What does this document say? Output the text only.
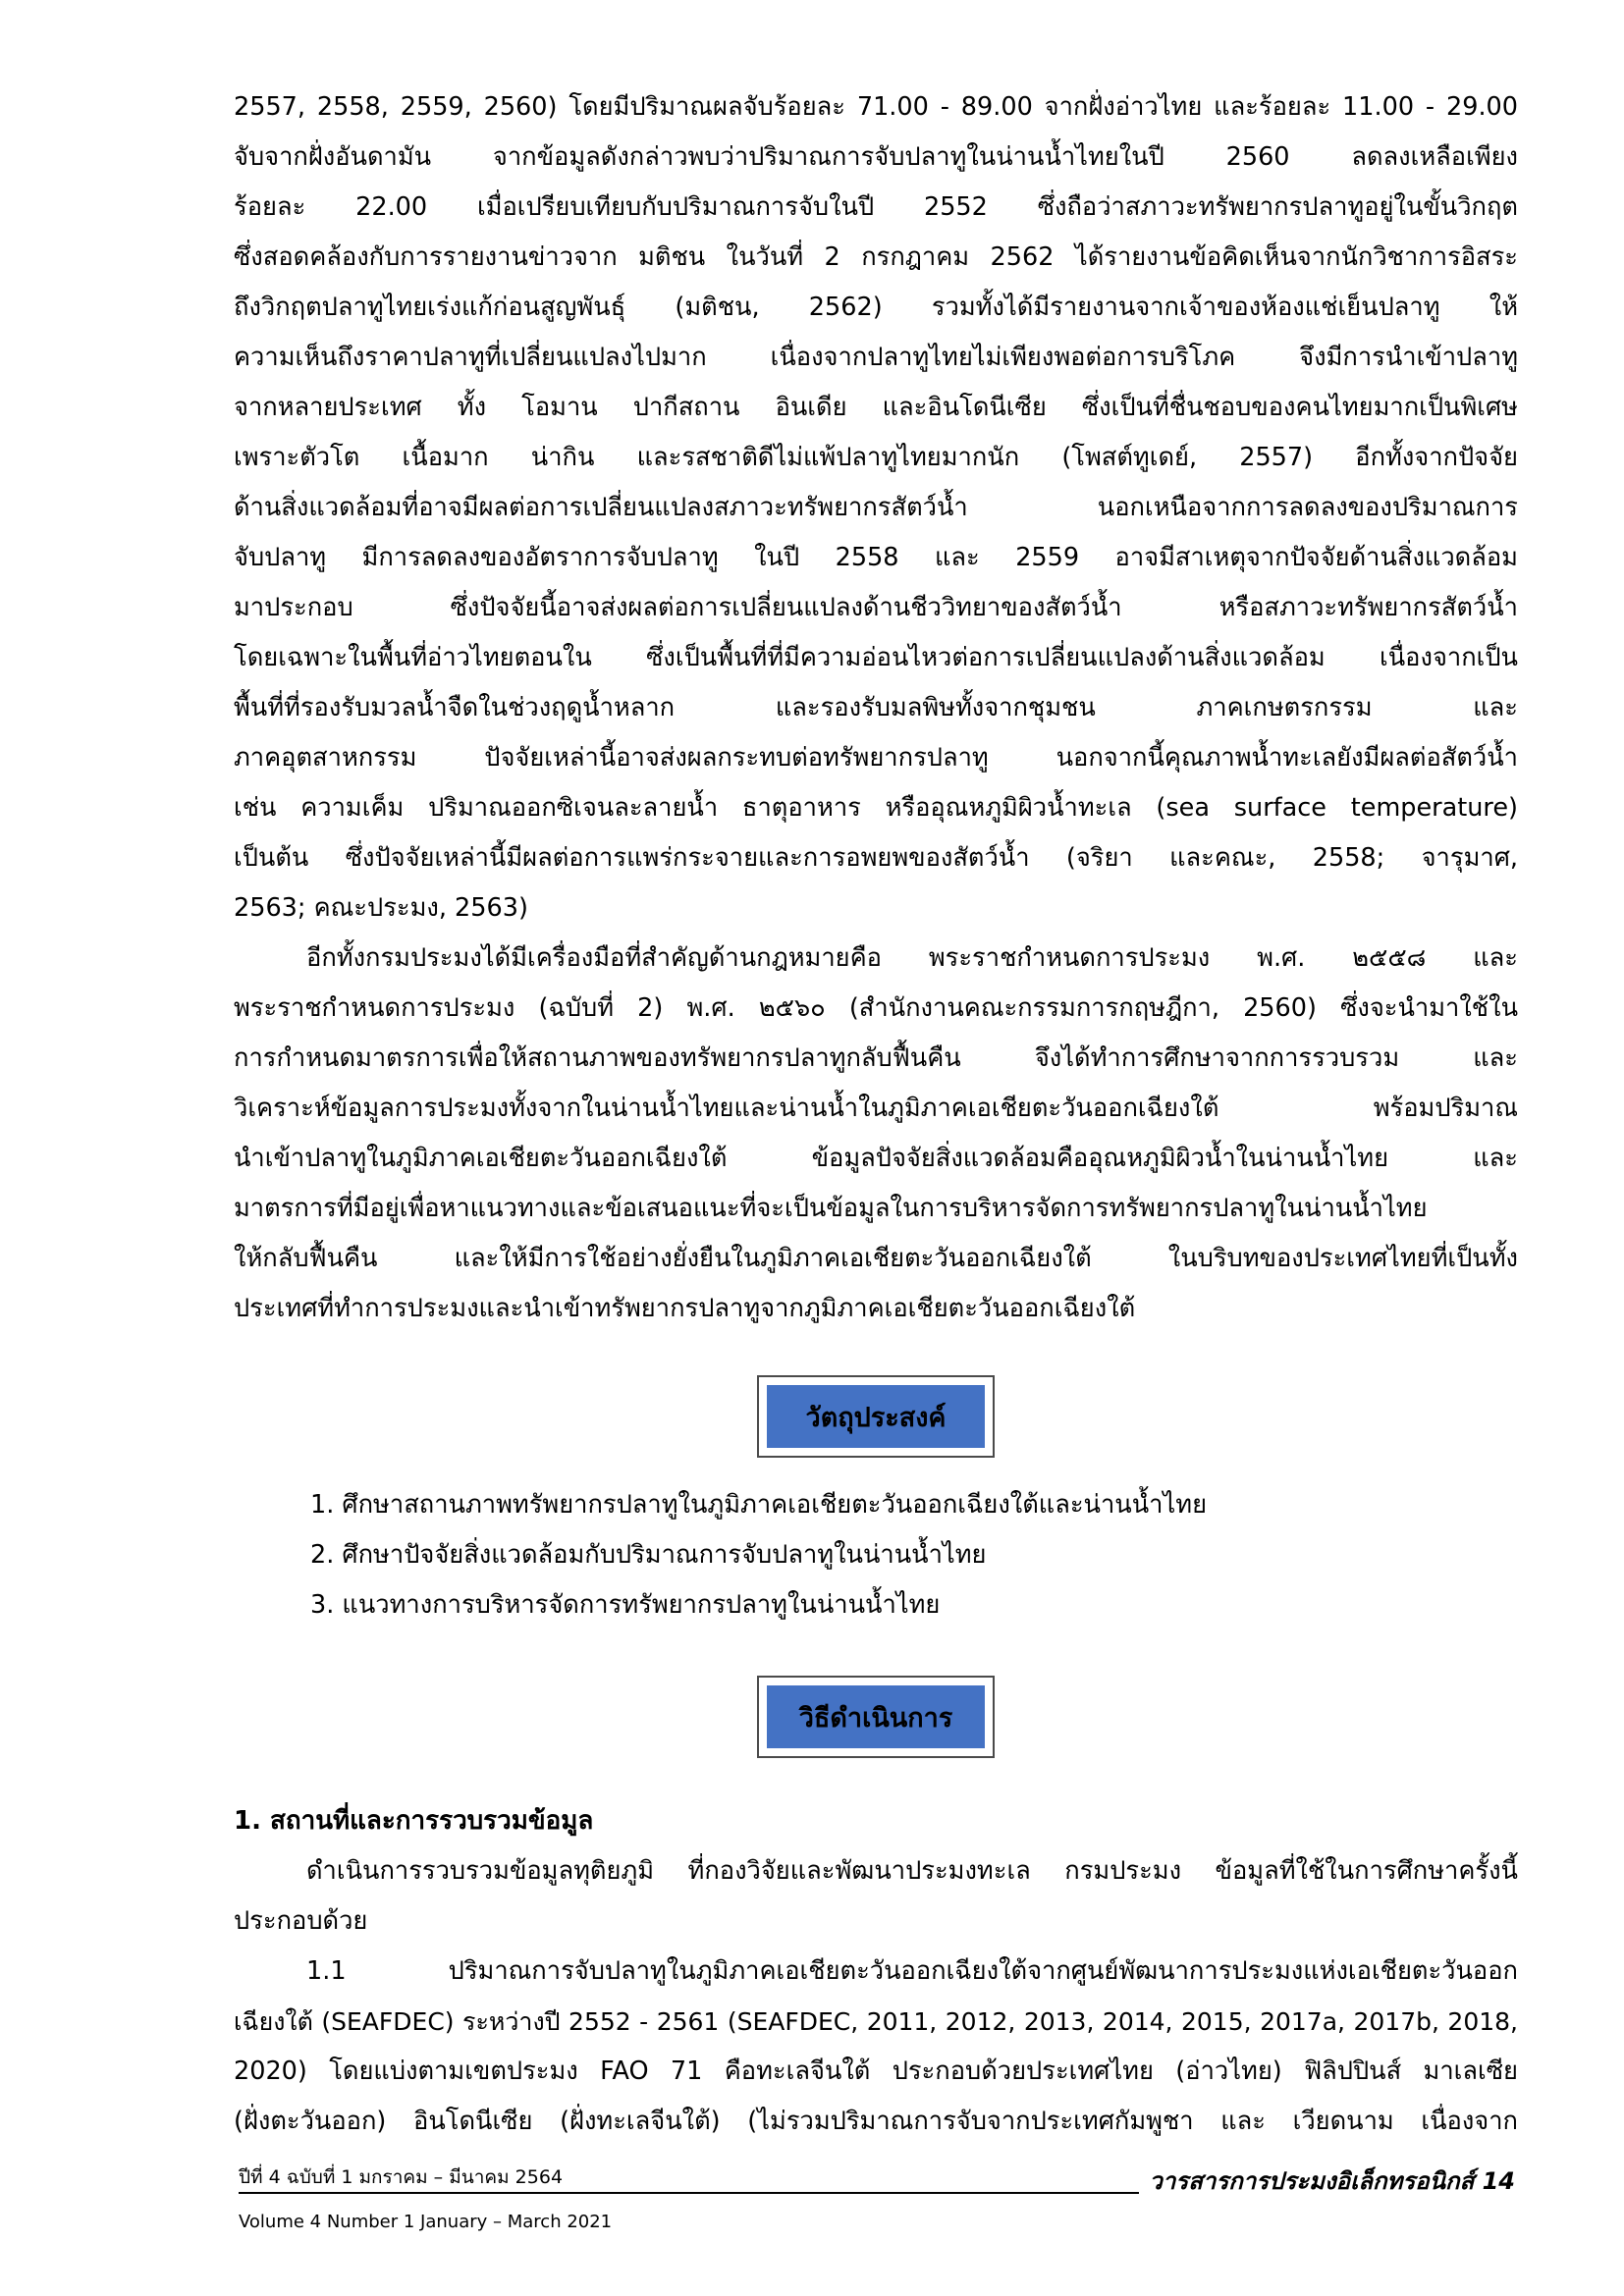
2557, 2558, 2559, 2560) โดยมีปริมาณผลจับร้อยละ 71.00 - 89.00 จากฝั่งอ่าวไทย และร้อยละ 11.00 - 29.00
จับจากฝั่งอันดามัน จากข้อมูลดังกล่าวพบว่าปริมาณการจับปลาทูในน่านน้ำไทยในปี 2560 ลดลงเหลือเพียง
ร้อยละ 22.00 เมื่อเปรียบเทียบกับปริมาณการจับในปี 2552 ซึ่งถือว่าสภาวะทรัพยากรปลาทูอยู่ในขั้นวิกฤต
ซึ่งสอดคล้องกับการรายงานข่าวจาก มติชน ในวันที่ 2 กรกฎาคม 2562 ได้รายงานข้อคิดเห็นจากนักวิชาการอิสระ
ถึงวิกฤตปลาทูไทยเร่งแก้ก่อนสูญพันธุ์ (มติชน, 2562) รวมทั้งได้มีรายงานจากเจ้าของห้องแช่เย็นปลาทู ให้
ความเห็นถึงราคาปลาทูที่เปลี่ยนแปลงไปมาก เนื่องจากปลาทูไทยไม่เพียงพอต่อการบริโภค จึงมีการนำเข้าปลาทู
จากหลายประเทศ ทั้ง โอมาน ปากีสถาน อินเดีย และอินโดนีเซีย ซึ่งเป็นที่ชื่นชอบของคนไทยมากเป็นพิเศษ
เพราะตัวโต เนื้อมาก น่ากิน และรสชาติดีไม่แพ้ปลาทูไทยมากนัก (โพสต์ทูเดย์, 2557) อีกทั้งจากปัจจัย
ด้านสิ่งแวดล้อมที่อาจมีผลต่อการเปลี่ยนแปลงสภาวะทรัพยากรสัตว์น้ำ นอกเหนือจากการลดลงของปริมาณการ
จับปลาทู มีการลดลงของอัตราการจับปลาทู ในปี 2558 และ 2559 อาจมีสาเหตุจากปัจจัยด้านสิ่งแวดล้อม
มาประกอบ ซึ่งปัจจัยนี้อาจส่งผลต่อการเปลี่ยนแปลงด้านชีววิทยาของสัตว์น้ำ หรือสภาวะทรัพยากรสัตว์น้ำ
โดยเฉพาะในพื้นที่อ่าวไทยตอนใน ซึ่งเป็นพื้นที่ที่มีความอ่อนไหวต่อการเปลี่ยนแปลงด้านสิ่งแวดล้อม เนื่องจากเป็น
พื้นที่ที่รองรับมวลน้ำจืดในช่วงฤดูน้ำหลาก และรองรับมลพิษทั้งจากชุมชน ภาคเกษตรกรรม และ
ภาคอุตสาหกรรม ปัจจัยเหล่านี้อาจส่งผลกระทบต่อทรัพยากรปลาทู นอกจากนี้คุณภาพน้ำทะเลยังมีผลต่อสัตว์น้ำ
เช่น ความเค็ม ปริมาณออกซิเจนละลายน้ำ ธาตุอาหาร หรืออุณหภูมิผิวน้ำทะเล (sea surface temperature)
เป็นต้น ซึ่งปัจจัยเหล่านี้มีผลต่อการแพร่กระจายและการอพยพของสัตว์น้ำ (จริยา และคณะ, 2558; จารุมาศ,
2563; คณะประมง, 2563)
อีกทั้งกรมประมงได้มีเครื่องมือที่สำคัญด้านกฎหมายคือ พระราชกำหนดการประมง พ.ศ. ๒๕๕๘ และ
พระราชกำหนดการประมง (ฉบับที่ 2) พ.ศ. ๒๕๖๐ (สำนักงานคณะกรรมการกฤษฎีกา, 2560) ซึ่งจะนำมาใช้ใน
การกำหนดมาตรการเพื่อให้สถานภาพของทรัพยากรปลาทูกลับฟื้นคืน จึงได้ทำการศึกษาจากการรวบรวม และ
วิเคราะห์ข้อมูลการประมงทั้งจากในน่านน้ำไทยและน่านน้ำในภูมิภาคเอเชียตะวันออกเฉียงใต้ พร้อมปริมาณ
นำเข้าปลาทูในภูมิภาคเอเชียตะวันออกเฉียงใต้ ข้อมูลปัจจัยสิ่งแวดล้อมคืออุณหภูมิผิวน้ำในน่านน้ำไทย และ
มาตรการที่มีอยู่เพื่อหาแนวทางและข้อเสนอแนะที่จะเป็นข้อมูลในการบริหารจัดการทรัพยากรปลาทูในน่านน้ำไทย
ให้กลับฟื้นคืน และให้มีการใช้อย่างยั่งยืนในภูมิภาคเอเชียตะวันออกเฉียงใต้ ในบริบทของประเทศไทยที่เป็นทั้ง
ประเทศที่ทำการประมงและนำเข้าทรัพยากรปลาทูจากภูมิภาคเอเชียตะวันออกเฉียงใต้
วัตถุประสงค์
1. ศึกษาสถานภาพทรัพยากรปลาทูในภูมิภาคเอเชียตะวันออกเฉียงใต้และน่านน้ำไทย
2. ศึกษาปัจจัยสิ่งแวดล้อมกับปริมาณการจับปลาทูในน่านน้ำไทย
3. แนวทางการบริหารจัดการทรัพยากรปลาทูในน่านน้ำไทย
วิธีดำเนินการ
1. สถานที่และการรวบรวมข้อมูล
ดำเนินการรวบรวมข้อมูลทุติยภูมิ ที่กองวิจัยและพัฒนาประมงทะเล กรมประมง ข้อมูลที่ใช้ในการศึกษาครั้งนี้
ประกอบด้วย
1.1 ปริมาณการจับปลาทูในภูมิภาคเอเชียตะวันออกเฉียงใต้จากศูนย์พัฒนาการประมงแห่งเอเชียตะวันออก
เฉียงใต้ (SEAFDEC) ระหว่างปี 2552 - 2561 (SEAFDEC, 2011, 2012, 2013, 2014, 2015, 2017a, 2017b, 2018,
2020) โดยแบ่งตามเขตประมง FAO 71 คือทะเลจีนใต้ ประกอบด้วยประเทศไทย (อ่าวไทย) ฟิลิปปินส์ มาเลเซีย
(ฝั่งตะวันออก) อินโดนีเซีย (ฝั่งทะเลจีนใต้) (ไม่รวมปริมาณการจับจากประเทศกัมพูชา และ เวียดนาม เนื่องจาก
ปีที่ 4 ฉบับที่ 1 มกราคม – มีนาคม 2564	วารสารการประมงอิเล็กทรอนิกส์ 14
Volume 4 Number 1 January – March 2021
